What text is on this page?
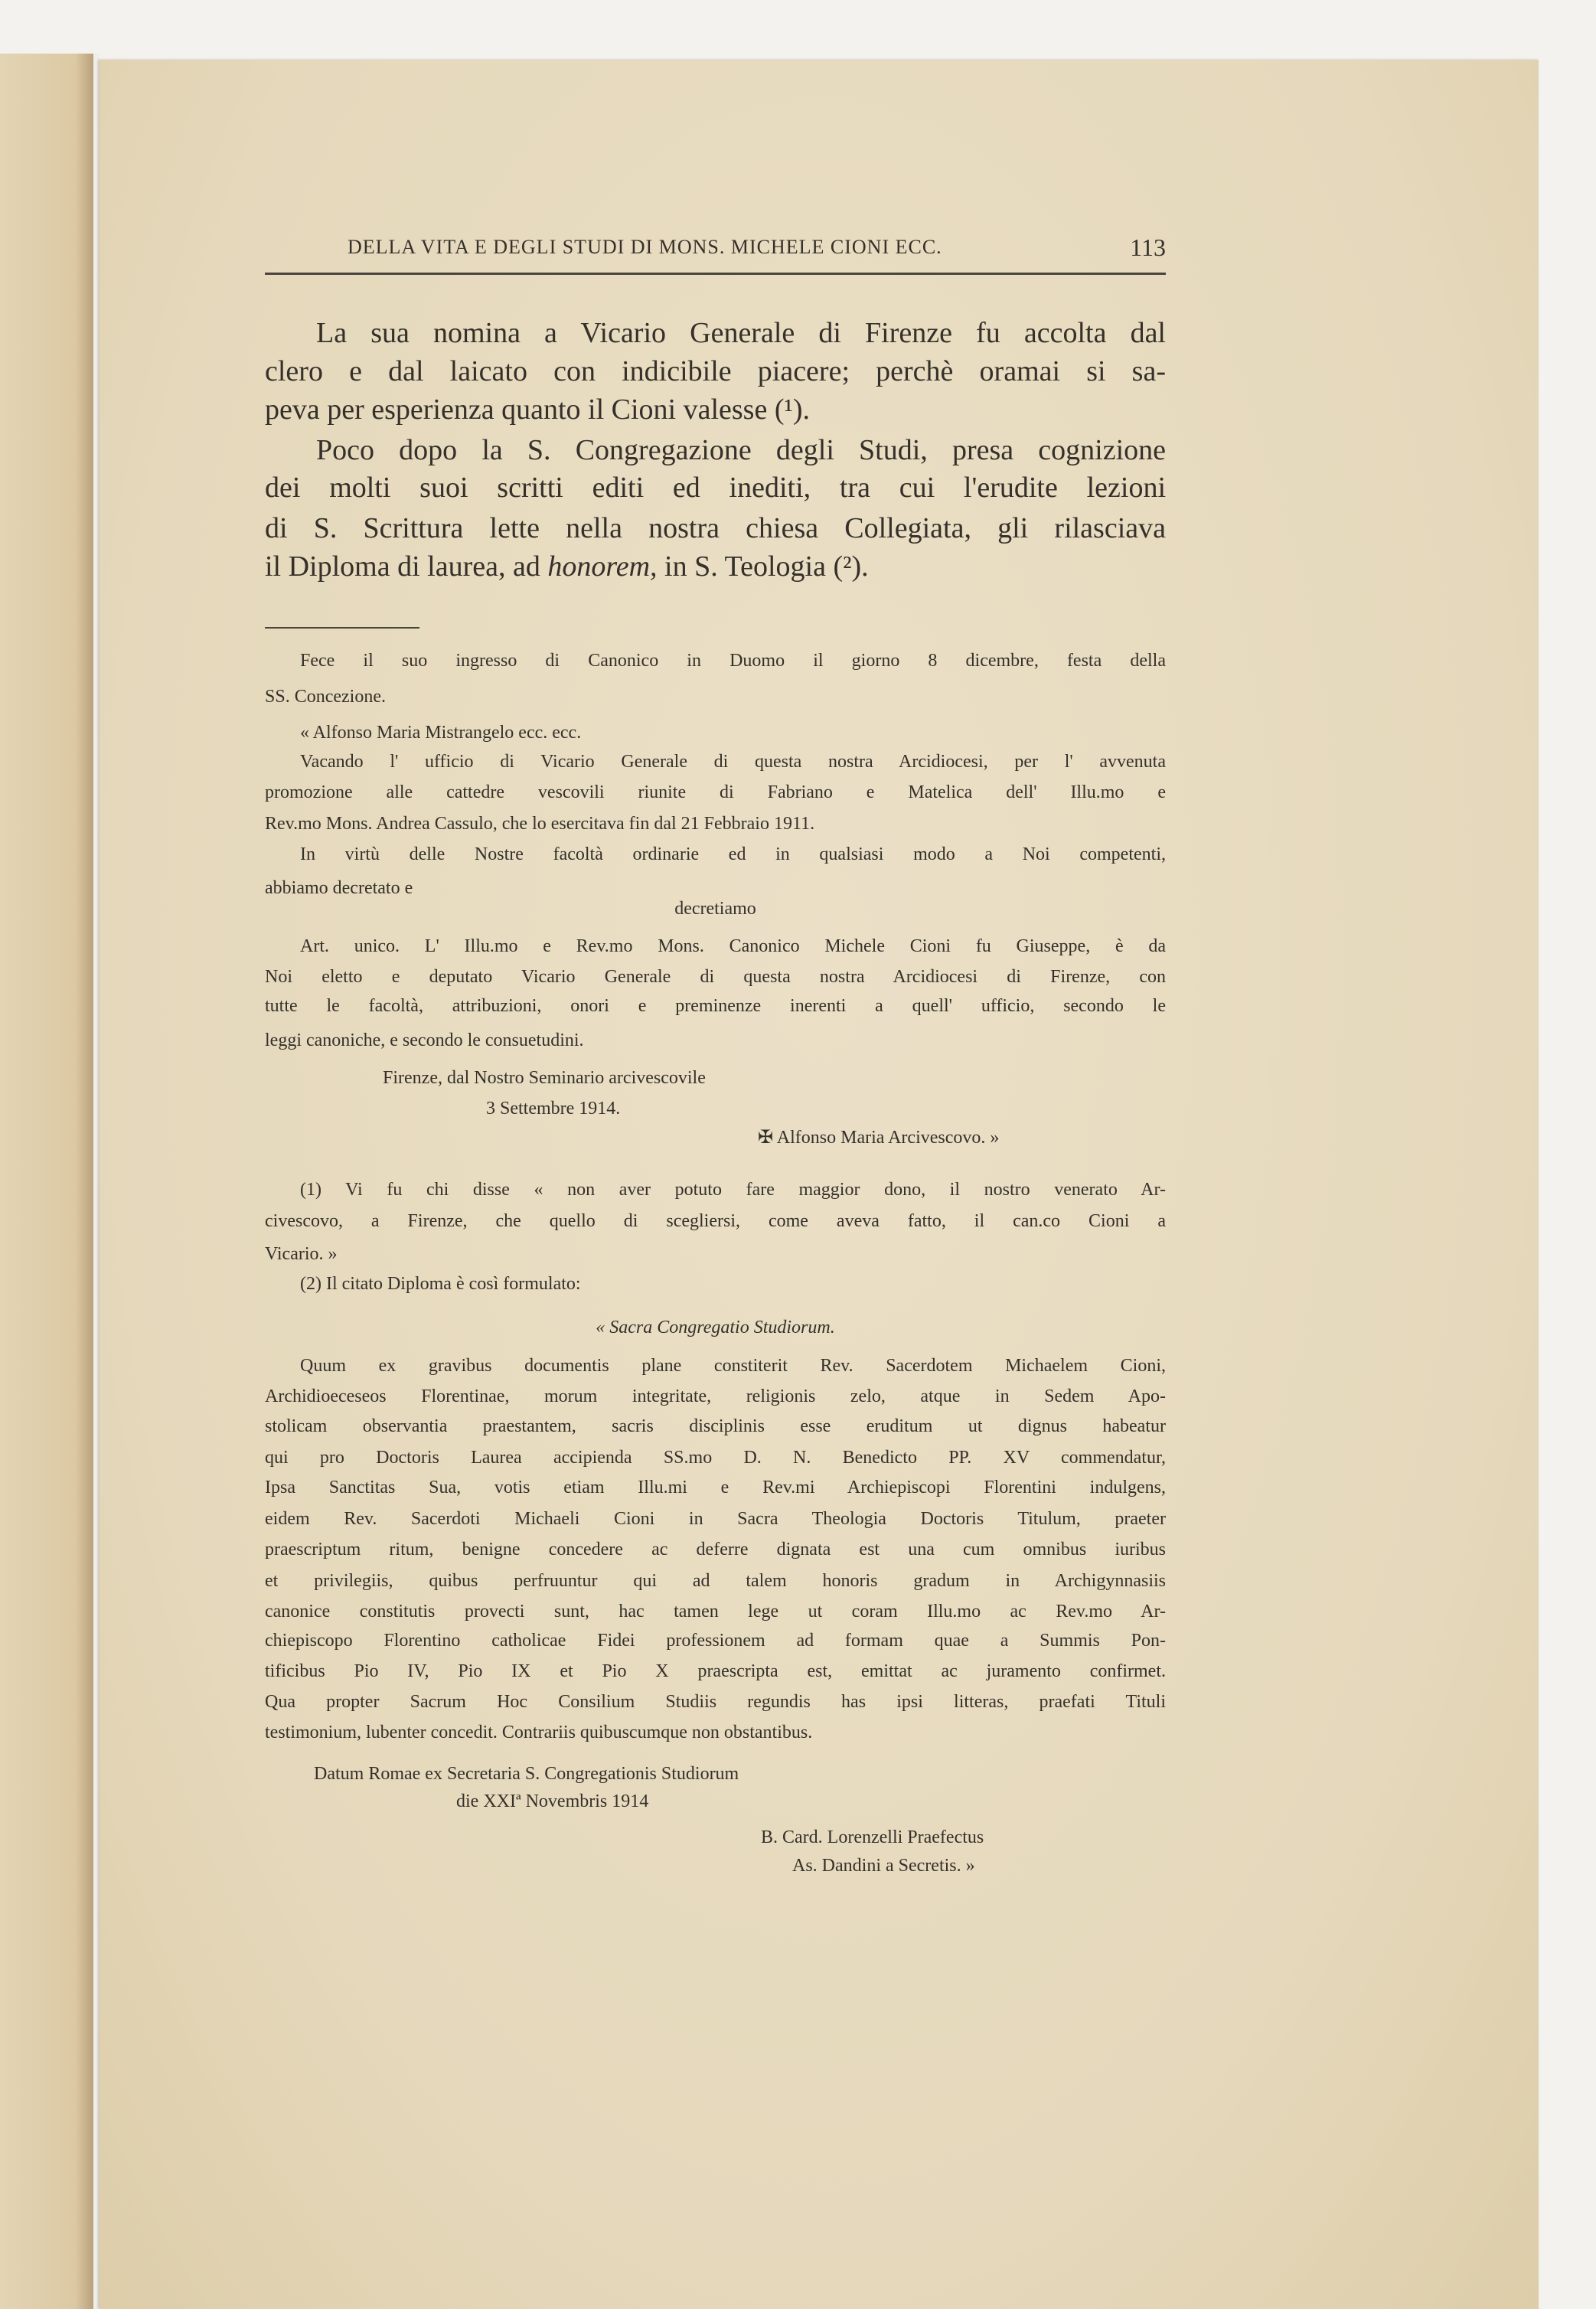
DELLA VITA E DEGLI STUDI DI MONS. MICHELE CIONI ECC.	113
La sua nomina a Vicario Generale di Firenze fu accolta dal
clero e dal laicato con indicibile piacere; perchè oramai si sa-
peva per esperienza quanto il Cioni valesse (¹).
Poco dopo la S. Congregazione degli Studi, presa cognizione
dei molti suoi scritti editi ed inediti, tra cui l'erudite lezioni
di S. Scrittura lette nella nostra chiesa Collegiata, gli rilasciava
il Diploma di laurea, ad honorem, in S. Teologia (²).
Fece il suo ingresso di Canonico in Duomo il giorno 8 dicembre, festa della
SS. Concezione.
« Alfonso Maria Mistrangelo ecc. ecc.
Vacando l' ufficio di Vicario Generale di questa nostra Arcidiocesi, per l' avvenuta
promozione alle cattedre vescovili riunite di Fabriano e Matelica dell' Illu.mo e
Rev.mo Mons. Andrea Cassulo, che lo esercitava fin dal 21 Febbraio 1911.
In virtù delle Nostre facoltà ordinarie ed in qualsiasi modo a Noi competenti,
abbiamo decretato e
decretiamo
Art. unico. L' Illu.mo e Rev.mo Mons. Canonico Michele Cioni fu Giuseppe, è da
Noi eletto e deputato Vicario Generale di questa nostra Arcidiocesi di Firenze, con
tutte le facoltà, attribuzioni, onori e preminenze inerenti a quell' ufficio, secondo le
leggi canoniche, e secondo le consuetudini.
Firenze, dal Nostro Seminario arcivescovile
3 Settembre 1914.
✠ Alfonso Maria Arcivescovo. »
(1) Vi fu chi disse « non aver potuto fare maggior dono, il nostro venerato Ar-
civescovo, a Firenze, che quello di scegliersi, come aveva fatto, il can.co Cioni a
Vicario. »
(2) Il citato Diploma è così formulato:
« Sacra Congregatio Studiorum.
Quum ex gravibus documentis plane constiterit Rev. Sacerdotem Michaelem Cioni,
Archidioeceseos Florentinae, morum integritate, religionis zelo, atque in Sedem Apo-
stolicam observantia praestantem, sacris disciplinis esse eruditum ut dignus habeatur
qui pro Doctoris Laurea accipienda SS.mo D. N. Benedicto PP. XV commendatur,
Ipsa Sanctitas Sua, votis etiam Illu.mi e Rev.mi Archiepiscopi Florentini indulgens,
eidem Rev. Sacerdoti Michaeli Cioni in Sacra Theologia Doctoris Titulum, praeter
praescriptum ritum, benigne concedere ac deferre dignata est una cum omnibus iuribus
et privilegiis, quibus perfruuntur qui ad talem honoris gradum in Archigynnasiis
canonice constitutis provecti sunt, hac tamen lege ut coram Illu.mo ac Rev.mo Ar-
chiepiscopo Florentino catholicae Fidei professionem ad formam quae a Summis Pon-
tificibus Pio IV, Pio IX et Pio X praescripta est, emittat ac juramento confirmet.
Qua propter Sacrum Hoc Consilium Studiis regundis has ipsi litteras, praefati Tituli
testimonium, lubenter concedit. Contrariis quibuscumque non obstantibus.
Datum Romae ex Secretaria S. Congregationis Studiorum
die XXIª Novembris 1914
B. Card. Lorenzelli Praefectus
As. Dandini a Secretis. »
